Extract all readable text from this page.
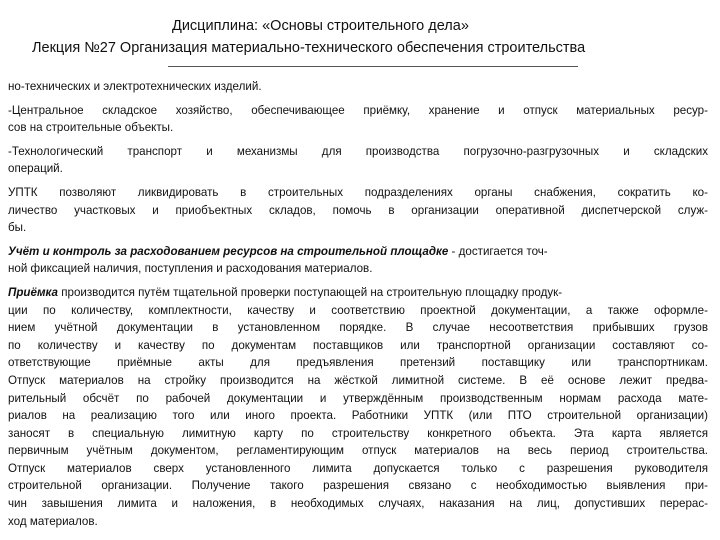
Дисциплина: «Основы строительного дела»
Лекция №27 Организация материально-технического обеспечения строительства
но-технических и электротехнических изделий.
-Центральное складское хозяйство, обеспечивающее приёмку, хранение и отпуск материальных ресур-
сов на строительные объекты.
-Технологический транспорт и механизмы для производства погрузочно-разгрузочных и складских
операций.
УПТК позволяют ликвидировать в строительных подразделениях органы снабжения, сократить ко-
личество участковых и приобъектных складов, помочь в организации оперативной диспетчерской служ-
бы.
Учёт и контроль за расходованием ресурсов на строительной площадке - достигается точ-
ной фиксацией наличия, поступления и расходования материалов.
Приёмка производится путём тщательной проверки поступающей на строительную площадку продук-
ции по количеству, комплектности, качеству и соответствию проектной документации, а также оформле-
нием учётной документации в установленном порядке. В случае несоответствия прибывших грузов
по количеству и качеству по документам поставщиков или транспортной организации составляют со-
ответствующие приёмные акты для предъявления претензий поставщику или транспортникам.
Отпуск материалов на стройку производится на жёсткой лимитной системе. В её основе лежит предва-
рительный обсчёт по рабочей документации и утверждённым производственным нормам расхода мате-
риалов на реализацию того или иного проекта. Работники УПТК (или ПТО строительной организации)
заносят в специальную лимитную карту по строительству конкретного объекта. Эта карта является
первичным учётным документом, регламентирующим отпуск материалов на весь период строительства.
Отпуск материалов сверх установленного лимита допускается только с разрешения руководителя
строительной организации. Получение такого разрешения связано с необходимостью выявления при-
чин завышения лимита и наложения, в необходимых случаях, наказания на лиц, допустивших перерас-
ход материалов.
